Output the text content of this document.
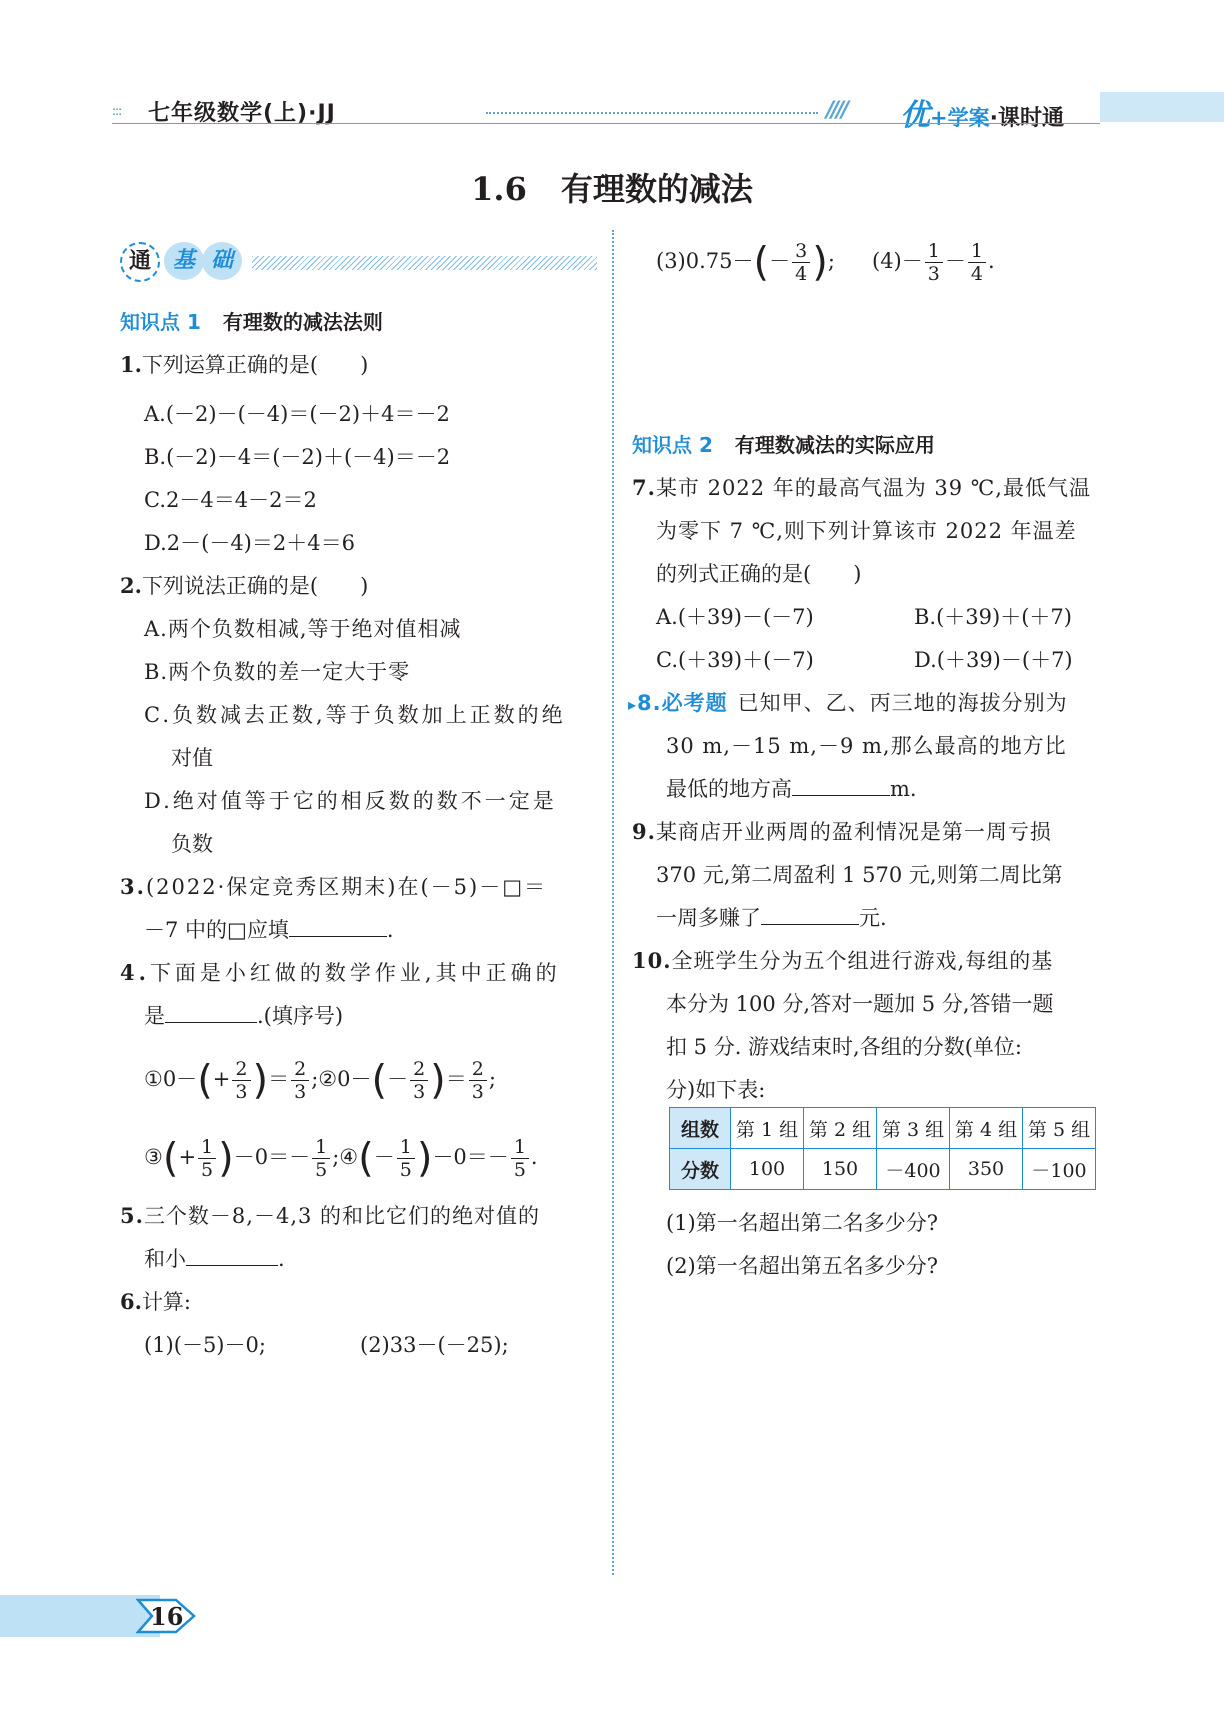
::: 七年级数学(上)·JJ	//// 优+学案·课时通
1.6 有理数的减法
通 基 础
知识点 1 有理数的减法法则
1.下列运算正确的是(　　)
A.(－2)－(－4)＝(－2)＋4＝－2
B.(－2)－4＝(－2)＋(－4)＝－2
C.2－4＝4－2＝2
D.2－(－4)＝2＋4＝6
2.下列说法正确的是(　　)
A.两个负数相减,等于绝对值相减
B.两个负数的差一定大于零
C.负数减去正数,等于负数加上正数的绝
对值
D.绝对值等于它的相反数的数不一定是
负数
3.(2022·保定竞秀区期末)在(－5)－□＝
－7 中的□应填	.
4.下面是小红做的数学作业,其中正确的
是	.(填序号)
①0－(+ $\frac{2}{3}$ )＝ $\frac{2}{3}$ ;②0－(－ $\frac{2}{3}$ )＝ $\frac{2}{3}$ ;
③(+ $\frac{1}{5} )-0=- \frac{1}{5}$ ;④(－ $\frac{1}{5} )-0=- \frac{1}{5}$ .
5.三个数－8,－4,3 的和比它们的绝对值的
和小	.
6.计算:
(1)(－5)－0;	(2)33－(－25);
$(3)0.75-(- \frac{3}{4}$ ); $(4)- \frac{1}{3} - \frac{1}{4}$ .
知识点 2 有理数减法的实际应用
7.某市 2022 年的最高气温为 39 ℃,最低气温
为零下 7 ℃,则下列计算该市 2022 年温差
的列式正确的是(　　)
A.(＋39)－(－7)	B.(＋39)＋(＋7)
C.(＋39)＋(－7)	D.(＋39)－(＋7)
▸8.必考题 已知甲、乙、丙三地的海拔分别为
30 m,－15 m,－9 m,那么最高的地方比
最低的地方高	m.
9.某商店开业两周的盈利情况是第一周亏损
370 元,第二周盈利 1 570 元,则第二周比第
一周多赚了	元.
10.全班学生分为五个组进行游戏,每组的基
本分为 100 分,答对一题加 5 分,答错一题
扣 5 分. 游戏结束时,各组的分数(单位:
分)如下表:
组数	第 1 组	第 2 组	第 3 组	第 4 组	第 5 组
分数	100	150	－400	350	－100
(1)第一名超出第二名多少分?
(2)第一名超出第五名多少分?
16
